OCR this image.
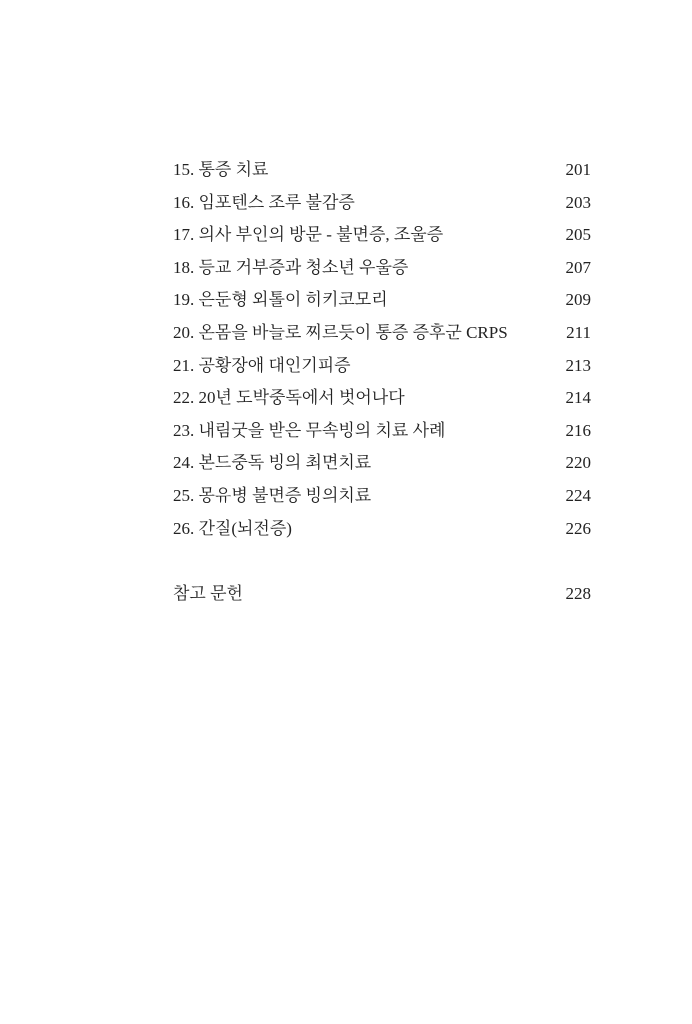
15. 통증 치료	201
16. 임포텐스 조루 불감증	203
17. 의사 부인의 방문 - 불면증, 조울증	205
18. 등교 거부증과 청소년 우울증	207
19. 은둔형 외톨이 히키코모리	209
20. 온몸을 바늘로 찌르듯이 통증 증후군 CRPS	211
21. 공황장애 대인기피증	213
22. 20년 도박중독에서 벗어나다	214
23. 내림굿을 받은 무속빙의 치료 사례	216
24. 본드중독 빙의 최면치료	220
25. 몽유병 불면증 빙의치료	224
26. 간질(뇌전증)	226
참고 문헌	228
